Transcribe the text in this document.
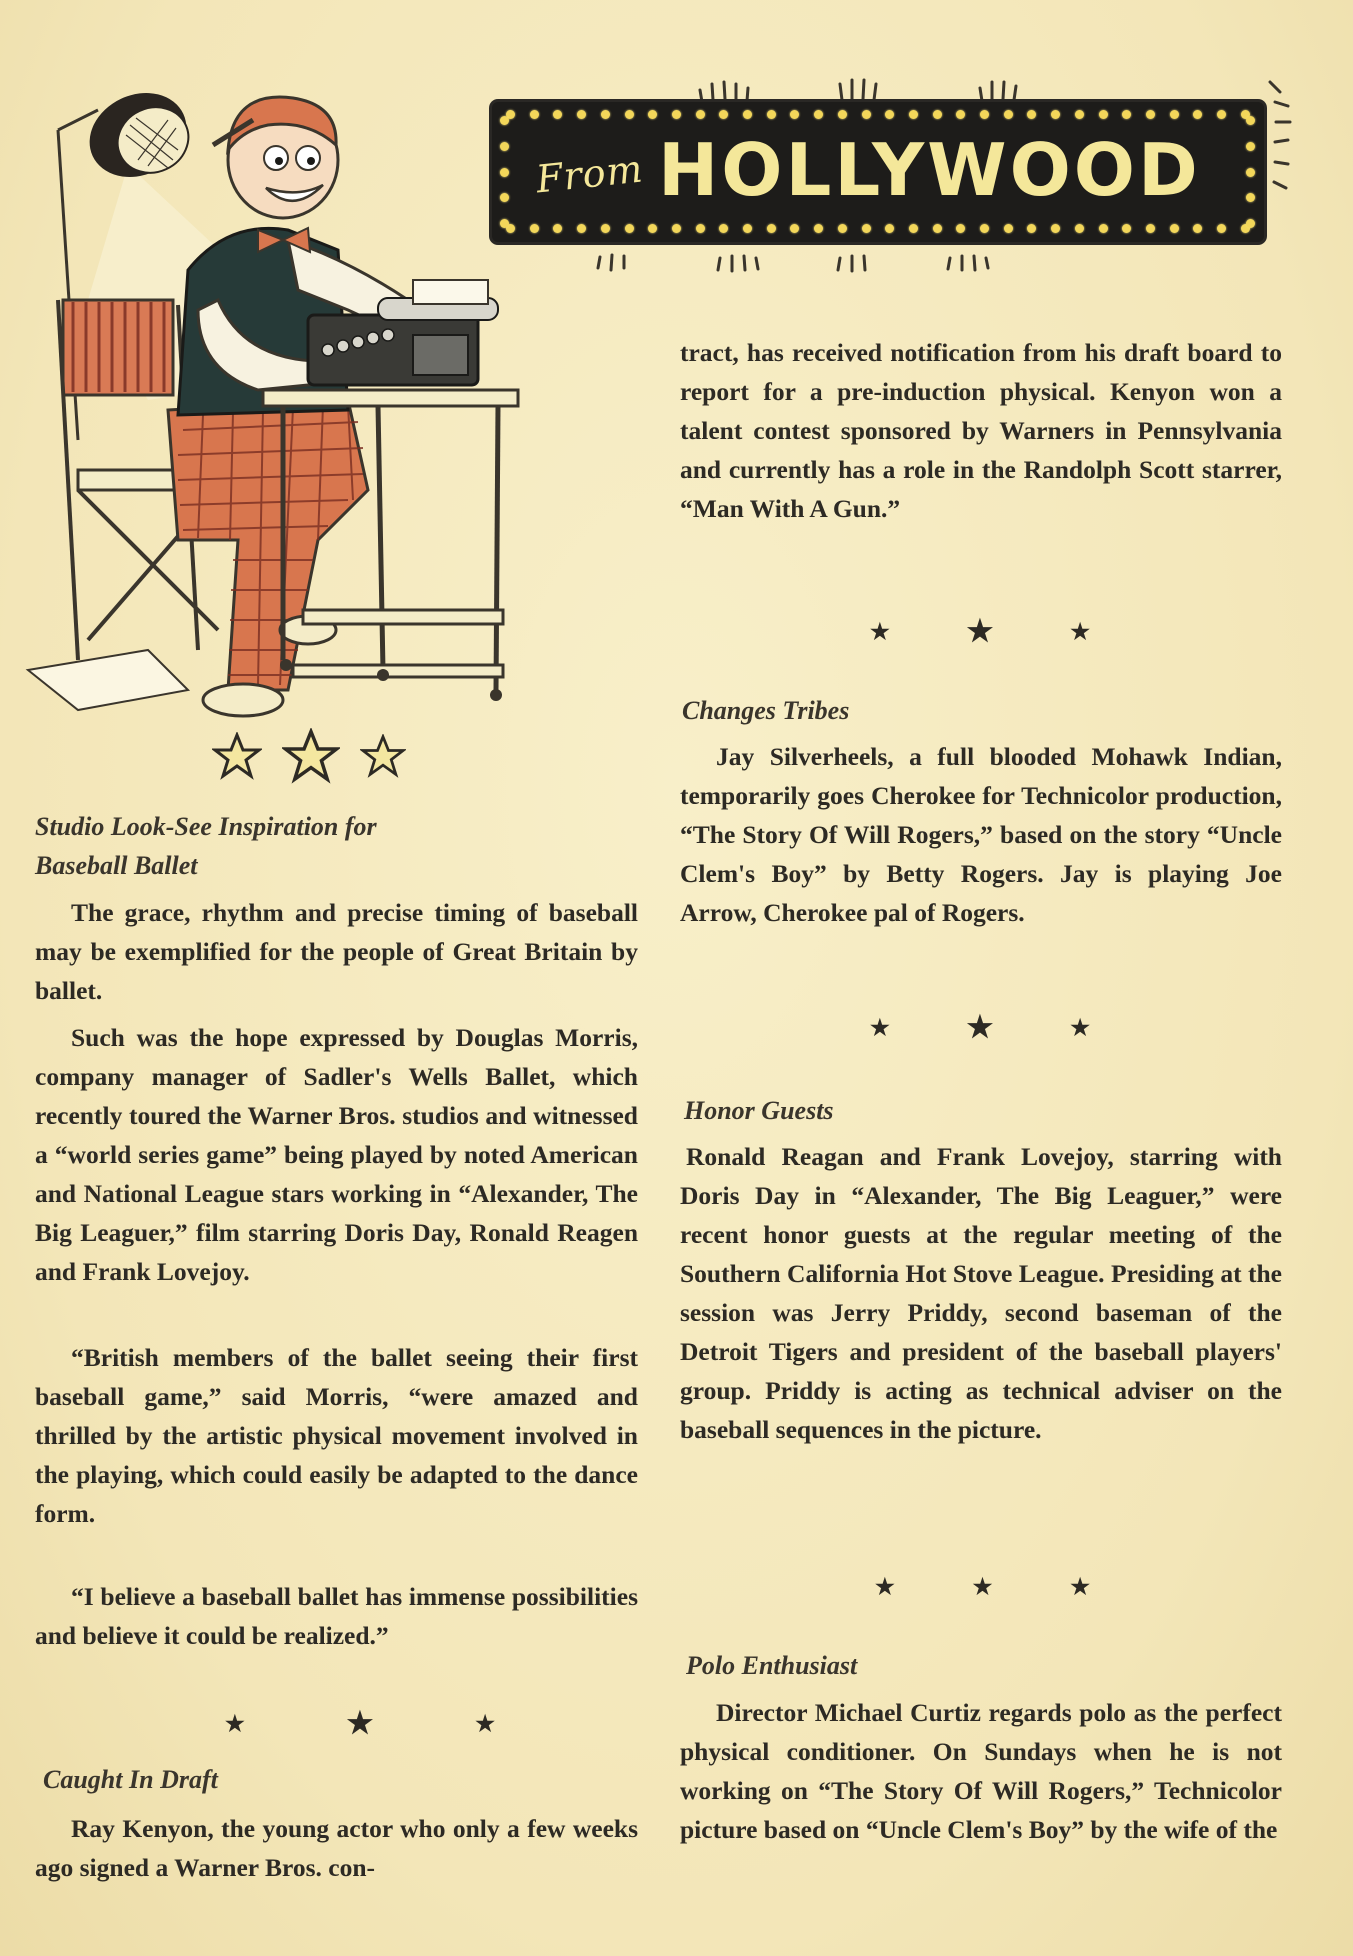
From HOLLYWOOD
Studio Look-See Inspiration for
Baseball Ballet

The grace, rhythm and precise timing of baseball may be exemplified for the people of Great Britain by ballet.

Such was the hope expressed by Douglas Morris, company manager of Sadler's Wells Ballet, which recently toured the Warner Bros. studios and witnessed a “world series game” being played by noted American and National League stars working in “Alexander, The Big Leaguer,” film starring Doris Day, Ronald Reagen and Frank Lovejoy.

“British members of the ballet seeing their first baseball game,” said Morris, “were amazed and thrilled by the artistic physical movement involved in the playing, which could easily be adapted to the dance form.

“I believe a baseball ballet has immense possibilities and believe it could be realized.”

★	★	★
Caught In Draft

Ray Kenyon, the young actor who only a few weeks ago signed a Warner Bros. con-

tract, has received notification from his draft board to report for a pre-induction physical. Kenyon won a talent contest sponsored by Warners in Pennsylvania and currently has a role in the Randolph Scott starrer, “Man With A Gun.”

★	★	★
Changes Tribes

Jay Silverheels, a full blooded Mohawk Indian, temporarily goes Cherokee for Technicolor production, “The Story Of Will Rogers,” based on the story “Uncle Clem's Boy” by Betty Rogers. Jay is playing Joe Arrow, Cherokee pal of Rogers.

★	★	★
Honor Guests

Ronald Reagan and Frank Lovejoy, starring with Doris Day in “Alexander, The Big Leaguer,” were recent honor guests at the regular meeting of the Southern California Hot Stove League. Presiding at the session was Jerry Priddy, second baseman of the Detroit Tigers and president of the baseball players' group. Priddy is acting as technical adviser on the baseball sequences in the picture.

★	★	★
Polo Enthusiast

Director Michael Curtiz regards polo as the perfect physical conditioner. On Sundays when he is not working on “The Story Of Will Rogers,” Technicolor picture based on “Uncle Clem's Boy” by the wife of the
